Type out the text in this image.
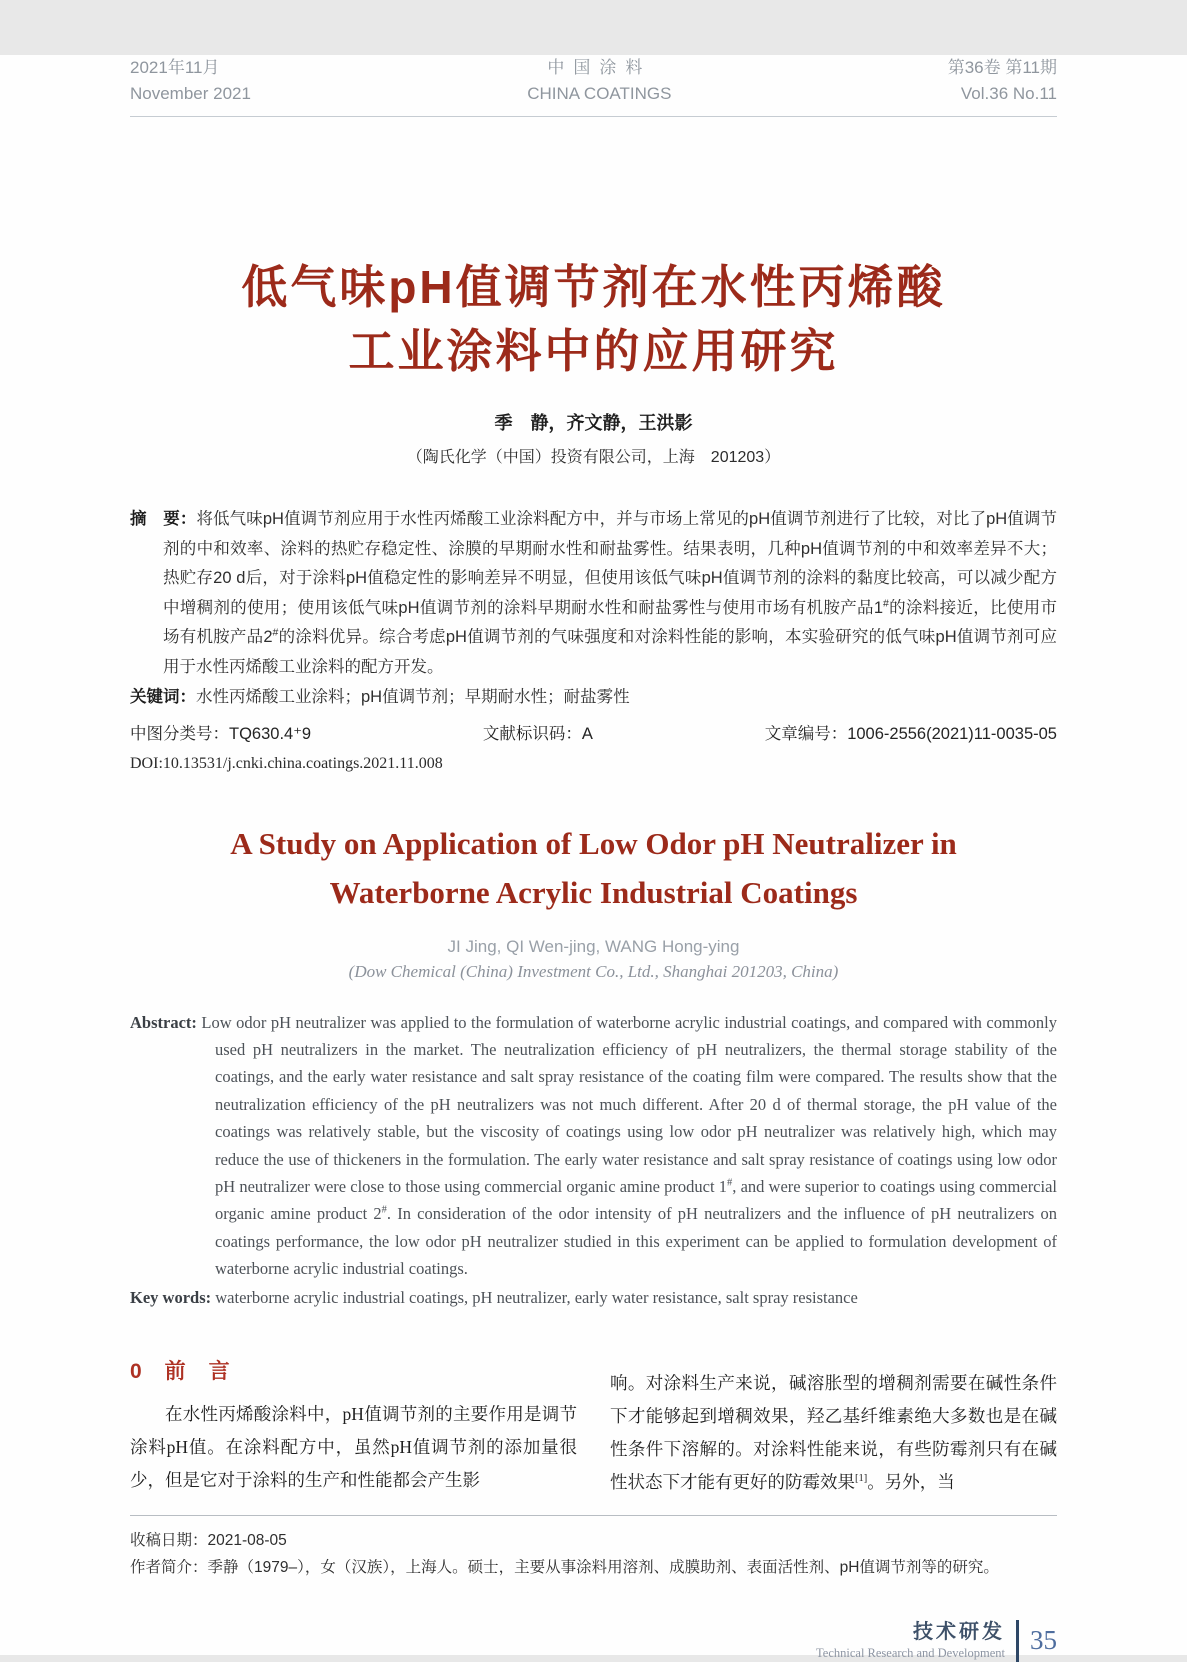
2021年11月
November 2021
中国涂料
CHINA COATINGS
第36卷 第11期
Vol.36 No.11
低气味pH值调节剂在水性丙烯酸
工业涂料中的应用研究
季　静，齐文静，王洪影
（陶氏化学（中国）投资有限公司，上海　201203）

摘　要：将低气味pH值调节剂应用于水性丙烯酸工业涂料配方中，并与市场上常见的pH值调节剂进行了比较，对比了pH值调节剂的中和效率、涂料的热贮存稳定性、涂膜的早期耐水性和耐盐雾性。结果表明，几种pH值调节剂的中和效率差异不大；热贮存20 d后，对于涂料pH值稳定性的影响差异不明显，但使用该低气味pH值调节剂的涂料的黏度比较高，可以减少配方中增稠剂的使用；使用该低气味pH值调节剂的涂料早期耐水性和耐盐雾性与使用市场有机胺产品1#的涂料接近，比使用市场有机胺产品2#的涂料优异。综合考虑pH值调节剂的气味强度和对涂料性能的影响，本实验研究的低气味pH值调节剂可应用于水性丙烯酸工业涂料的配方开发。

关键词：水性丙烯酸工业涂料；pH值调节剂；早期耐水性；耐盐雾性

中图分类号：TQ630.4⁺9	文献标识码：A	文章编号：1006-2556(2021)11-0035-05
DOI:10.13531/j.cnki.china.coatings.2021.11.008
A Study on Application of Low Odor pH Neutralizer in
Waterborne Acrylic Industrial Coatings
JI Jing, QI Wen-jing, WANG Hong-ying
(Dow Chemical (China) Investment Co., Ltd., Shanghai 201203, China)

Abstract: Low odor pH neutralizer was applied to the formulation of waterborne acrylic industrial coatings, and compared with commonly used pH neutralizers in the market. The neutralization efficiency of pH neutralizers, the thermal storage stability of the coatings, and the early water resistance and salt spray resistance of the coating film were compared. The results show that the neutralization efficiency of the pH neutralizers was not much different. After 20 d of thermal storage, the pH value of the coatings was relatively stable, but the viscosity of coatings using low odor pH neutralizer was relatively high, which may reduce the use of thickeners in the formulation. The early water resistance and salt spray resistance of coatings using low odor pH neutralizer were close to those using commercial organic amine product 1#, and were superior to coatings using commercial organic amine product 2#. In consideration of the odor intensity of pH neutralizers and the influence of pH neutralizers on coatings performance, the low odor pH neutralizer studied in this experiment can be applied to formulation development of waterborne acrylic industrial coatings.

Key words: waterborne acrylic industrial coatings, pH neutralizer, early water resistance, salt spray resistance

0　前　言

在水性丙烯酸涂料中，pH值调节剂的主要作用是调节涂料pH值。在涂料配方中，虽然pH值调节剂的添加量很少，但是它对于涂料的生产和性能都会产生影

响。对涂料生产来说，碱溶胀型的增稠剂需要在碱性条件下才能够起到增稠效果，羟乙基纤维素绝大多数也是在碱性条件下溶解的。对涂料性能来说，有些防霉剂只有在碱性状态下才能有更好的防霉效果[1]。另外，当

收稿日期：2021-08-05
作者简介：季静（1979–），女（汉族），上海人。硕士，主要从事涂料用溶剂、成膜助剂、表面活性剂、pH值调节剂等的研究。
技术研发
Technical Research and Development 35
